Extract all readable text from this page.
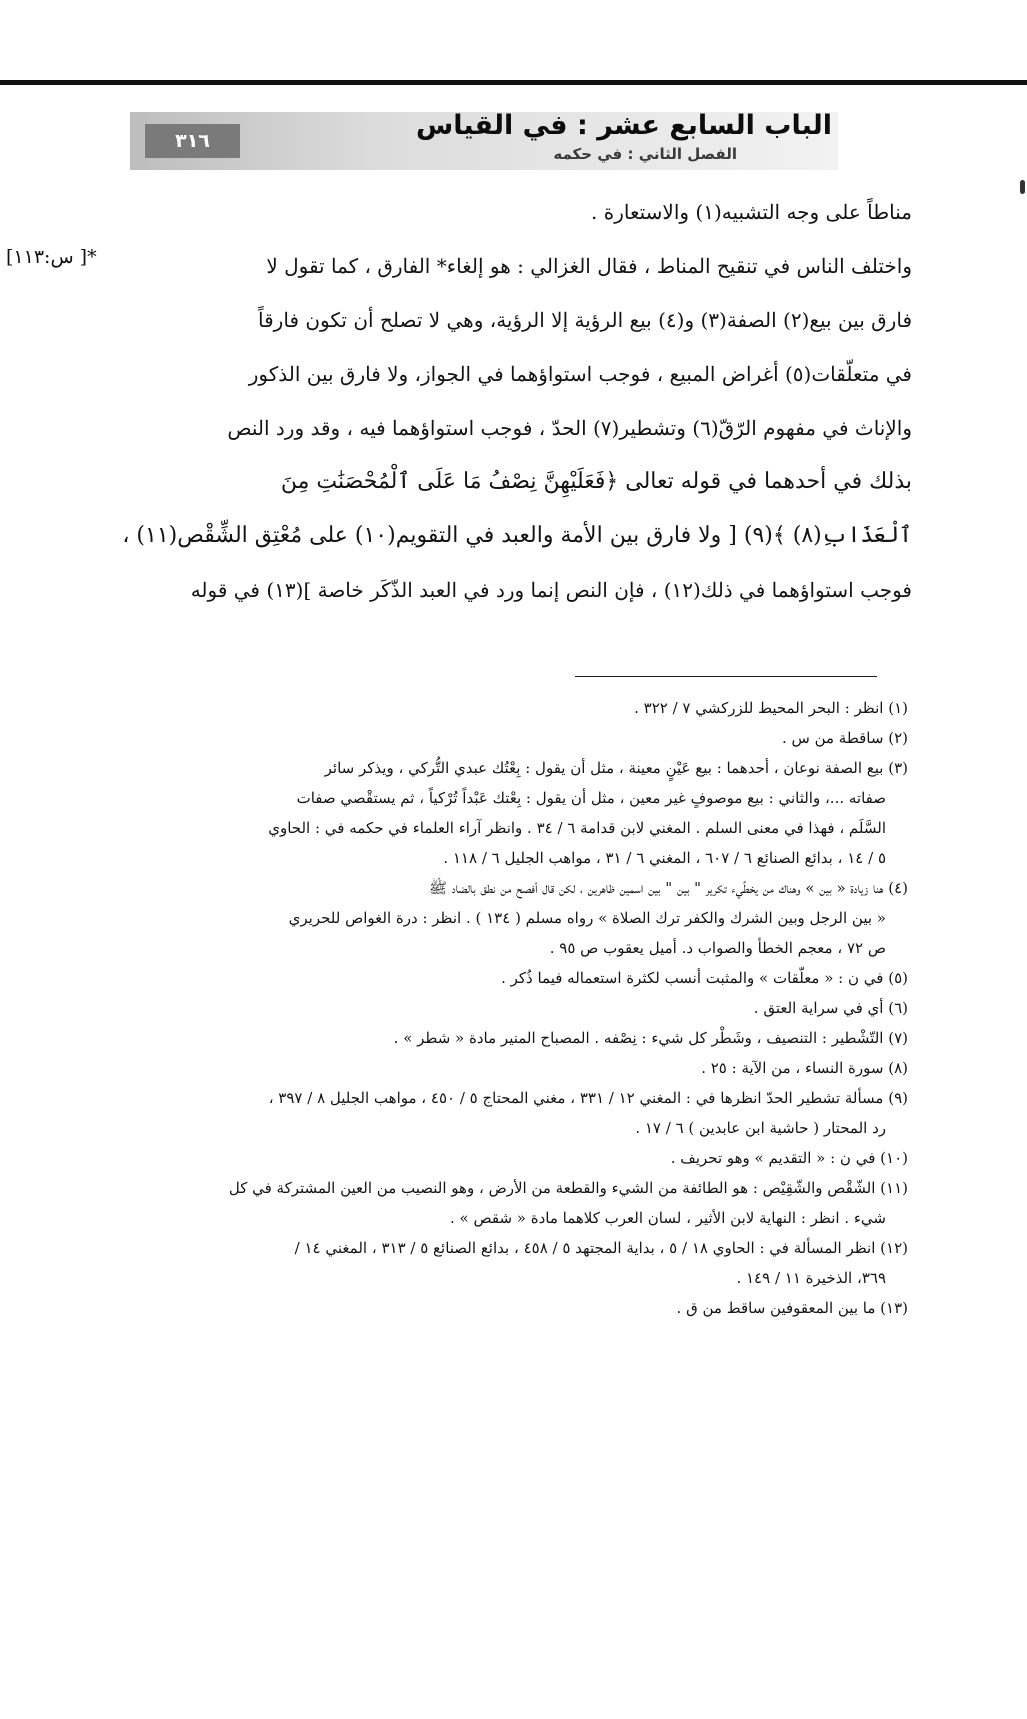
٣١٦	الباب السابع عشر : في القياس
الفصل الثاني : في حكمه
*[ س:١١٣]
مناطاً على وجه التشبيه(١) والاستعارة .
واختلف الناس في تنقيح المناط ، فقال الغزالي : هو إلغاء* الفارق ، كما تقول لا
فارق بين بيع(٢) الصفة(٣) و(٤) بيع الرؤية إلا الرؤية، وهي لا تصلح أن تكون فارقاً
في متعلّقات(٥) أغراض المبيع ، فوجب استواؤهما في الجواز، ولا فارق بين الذكور
والإناث في مفهوم الرّقّ(٦) وتشطير(٧) الحدّ ، فوجب استواؤهما فيه ، وقد ورد النص
بذلك في أحدهما في قوله تعالى ﴿فَعَلَيْهِنَّ نِصْفُ مَا عَلَى ٱلْمُحْصَنَٰتِ مِنَ
ٱلْعَذَابِ(٨) ﴾(٩) [ ولا فارق بين الأمة والعبد في التقويم(١٠) على مُعْتِق الشِّقْص(١١) ،
فوجب استواؤهما في ذلك(١٢) ، فإن النص إنما ورد في العبد الذّكَر خاصة ](١٣) في قوله
(١) انظر : البحر المحيط للزركشي ٧ / ٣٢٢ .
(٢) ساقطة من س .
(٣) بيع الصفة نوعان ، أحدهما : بيع عَيْنٍ معينة ، مثل أن يقول : بِعْتُك عبدي التُّركي ، ويذكر سائر
صفاته ...، والثاني : بيع موصوفٍ غير معين ، مثل أن يقول : بِعْتك عَبْداً تُرْكياً ، ثم يستقْصي صفات
السَّلَم ، فهذا في معنى السلم . المغني لابن قدامة ٦ / ٣٤ . وانظر آراء العلماء في حكمه في : الحاوي
٥ / ١٤ ، بدائع الصنائع ٦ / ٦٠٧ ، المغني ٦ / ٣١ ، مواهب الجليل ٦ / ١١٨ .
(٤) هنا زيادة « بين » وهناك من يخطِّيء تكرير " بين " بين اسمين ظاهرين ، لكن قال أفصح من نطق بالضاد ﷺ
« بين الرجل وبين الشرك والكفر ترك الصلاة » رواه مسلم ( ١٣٤ ) . انظر : درة الغواص للحريري
ص ٧٢ ، معجم الخطأ والصواب د. أميل يعقوب ص ٩٥ .
(٥) في ن : « معلّقات » والمثبت أنسب لكثرة استعماله فيما ذُكر .
(٦) أي في سراية العتق .
(٧) التّشْطير : التنصيف ، وشَطْر كل شيء : نِصْفه . المصباح المنير مادة « شطر » .
(٨) سورة النساء ، من الآية : ٢٥ .
(٩) مسألة تشطير الحدّ انظرها في : المغني ١٢ / ٣٣١ ، مغني المحتاج ٥ / ٤٥٠ ، مواهب الجليل ٨ / ٣٩٧ ،
رد المحتار ( حاشية ابن عابدين ) ٦ / ١٧ .
(١٠) في ن : « التقديم » وهو تحريف .
(١١) الشّقْص والشّقِيْص : هو الطائفة من الشيء والقطعة من الأرض ، وهو النصيب من العين المشتركة في كل
شيء . انظر : النهاية لابن الأثير ، لسان العرب كلاهما مادة « شقص » .
(١٢) انظر المسألة في : الحاوي ١٨ / ٥ ، بداية المجتهد ٥ / ٤٥٨ ، بدائع الصنائع ٥ / ٣١٣ ، المغني ١٤ /
٣٦٩، الذخيرة ١١ / ١٤٩ .
(١٣) ما بين المعقوفين ساقط من ق .
